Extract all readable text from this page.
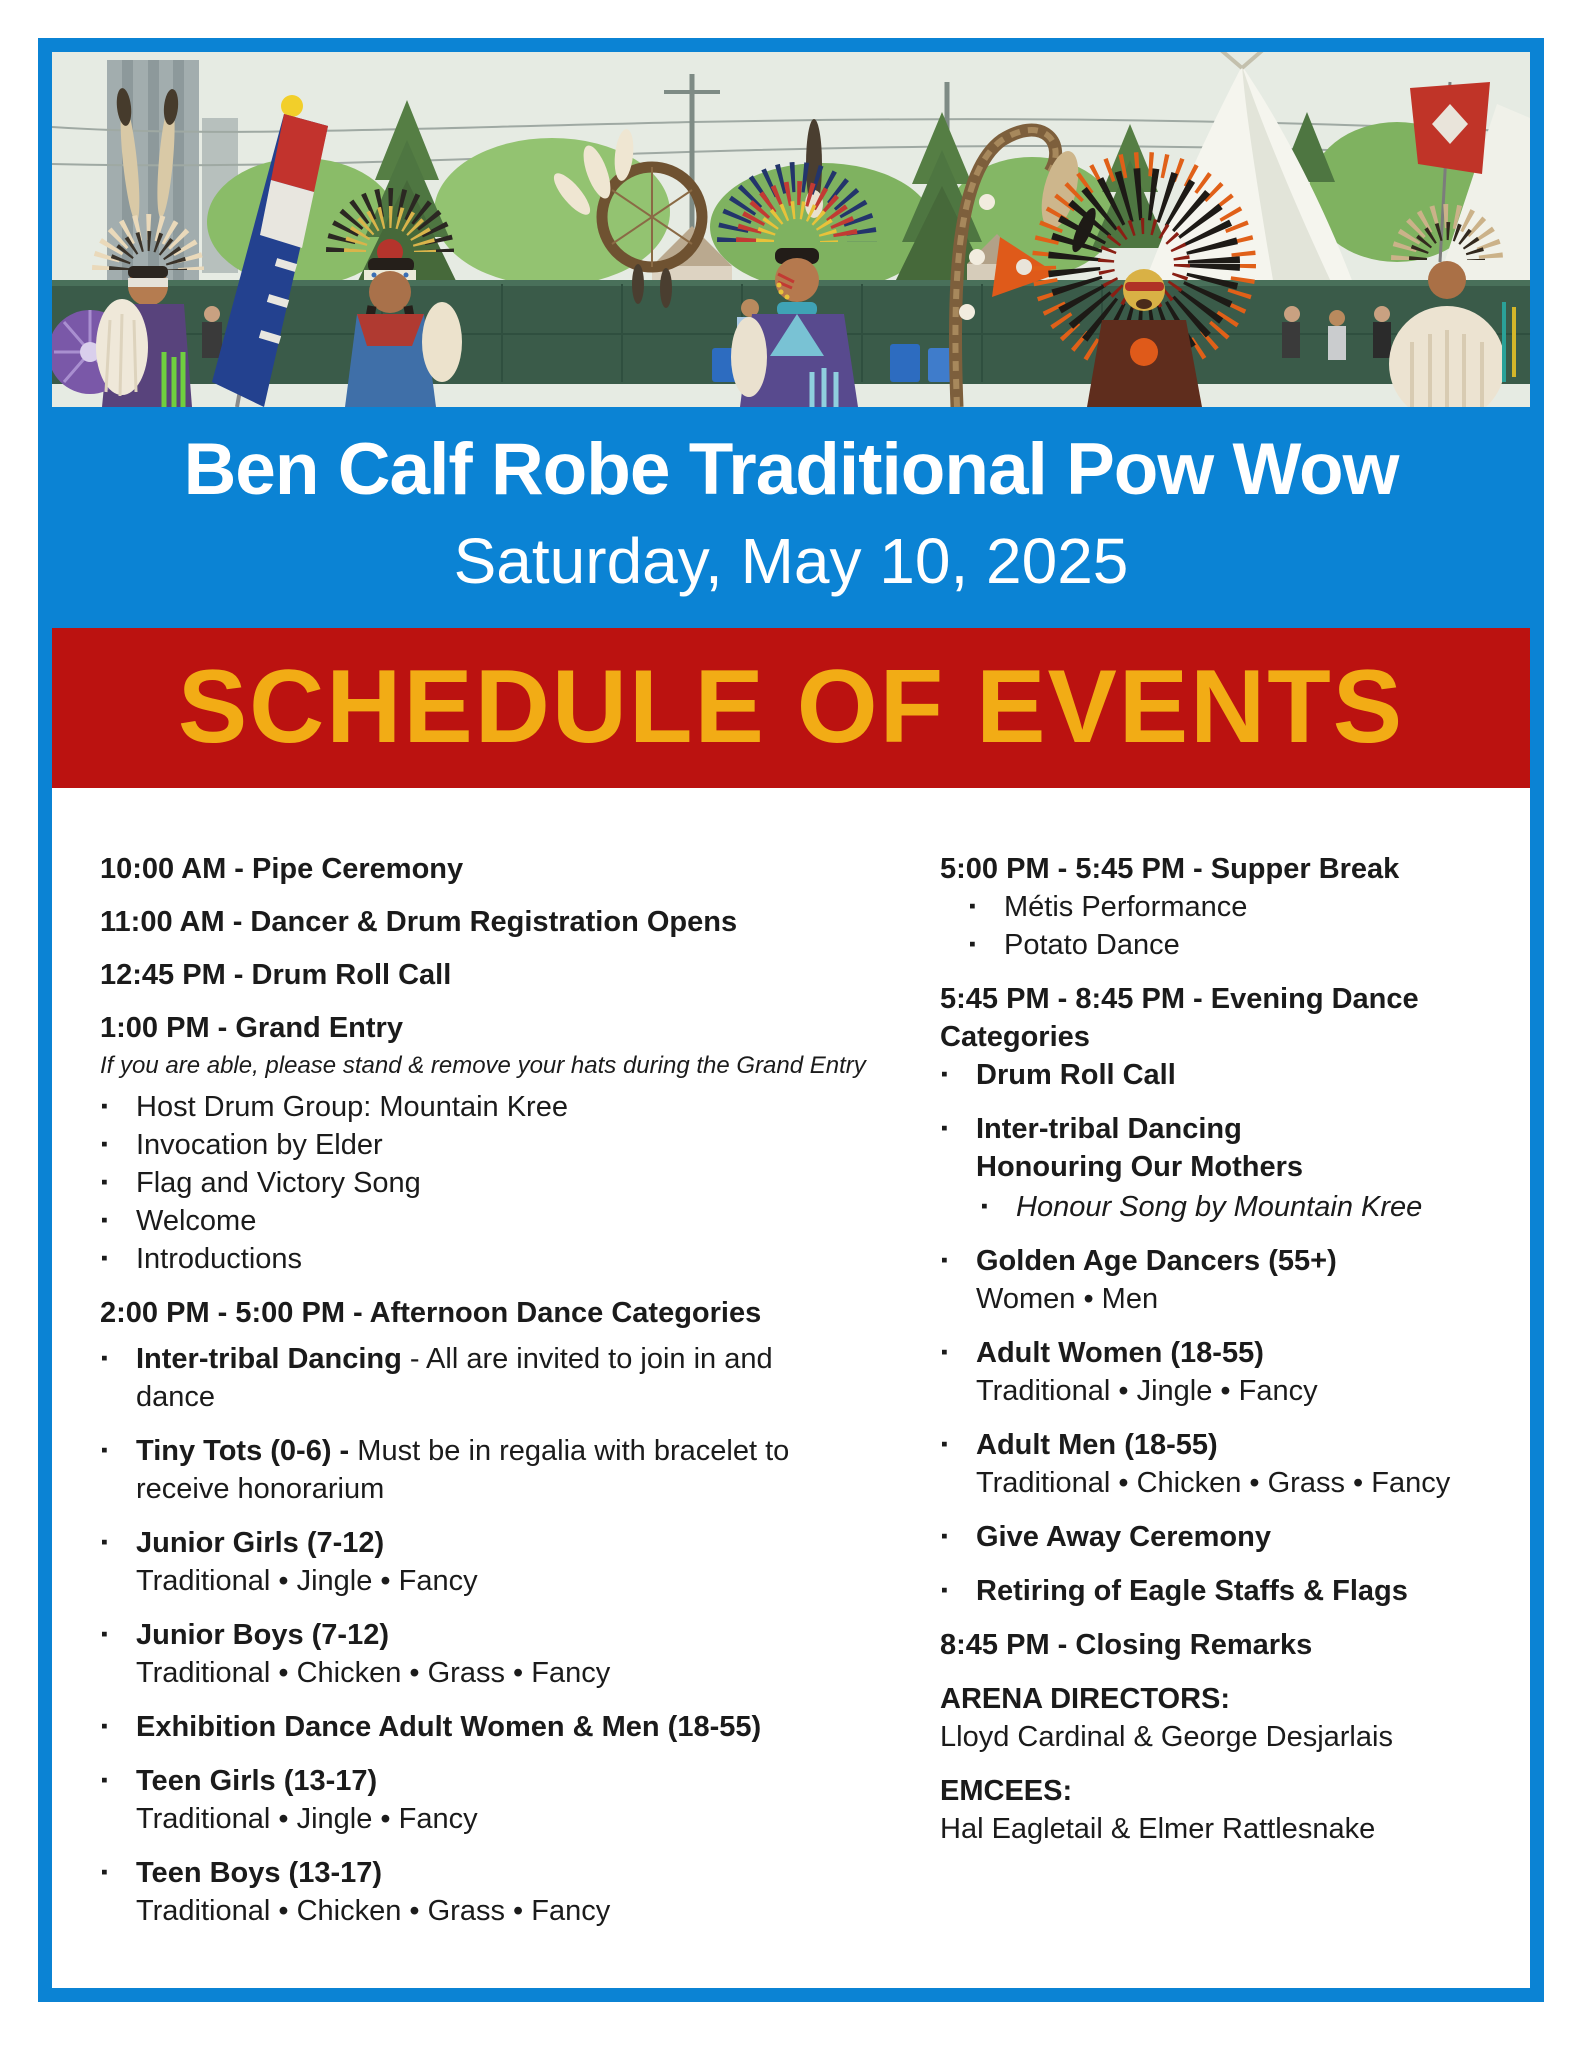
Ben Calf Robe Traditional Pow Wow
Saturday, May 10, 2025
SCHEDULE OF EVENTS
10:00 AM - Pipe Ceremony
11:00 AM - Dancer & Drum Registration Opens
12:45 PM - Drum Roll Call
1:00 PM - Grand Entry
If you are able, please stand & remove your hats during the Grand Entry
▪ Host Drum Group: Mountain Kree
▪ Invocation by Elder
▪ Flag and Victory Song
▪ Welcome
▪ Introductions
2:00 PM - 5:00 PM - Afternoon Dance Categories
▪ Inter-tribal Dancing - All are invited to join in and dance
▪ Tiny Tots (0-6) - Must be in regalia with bracelet to receive honorarium
▪ Junior Girls (7-12)
Traditional • Jingle • Fancy
▪ Junior Boys (7-12)
Traditional • Chicken • Grass • Fancy
▪ Exhibition Dance Adult Women & Men (18-55)
▪ Teen Girls (13-17)
Traditional • Jingle • Fancy
▪ Teen Boys (13-17)
Traditional • Chicken • Grass • Fancy
5:00 PM - 5:45 PM - Supper Break
▪ Métis Performance
▪ Potato Dance
5:45 PM - 8:45 PM - Evening Dance
Categories
▪ Drum Roll Call
▪ Inter-tribal Dancing
Honouring Our Mothers
▪ Honour Song by Mountain Kree
▪ Golden Age Dancers (55+)
Women • Men
▪ Adult Women (18-55)
Traditional • Jingle • Fancy
▪ Adult Men (18-55)
Traditional • Chicken • Grass • Fancy
▪ Give Away Ceremony
▪ Retiring of Eagle Staffs & Flags
8:45 PM - Closing Remarks
ARENA DIRECTORS:
Lloyd Cardinal & George Desjarlais
EMCEES:
Hal Eagletail & Elmer Rattlesnake
